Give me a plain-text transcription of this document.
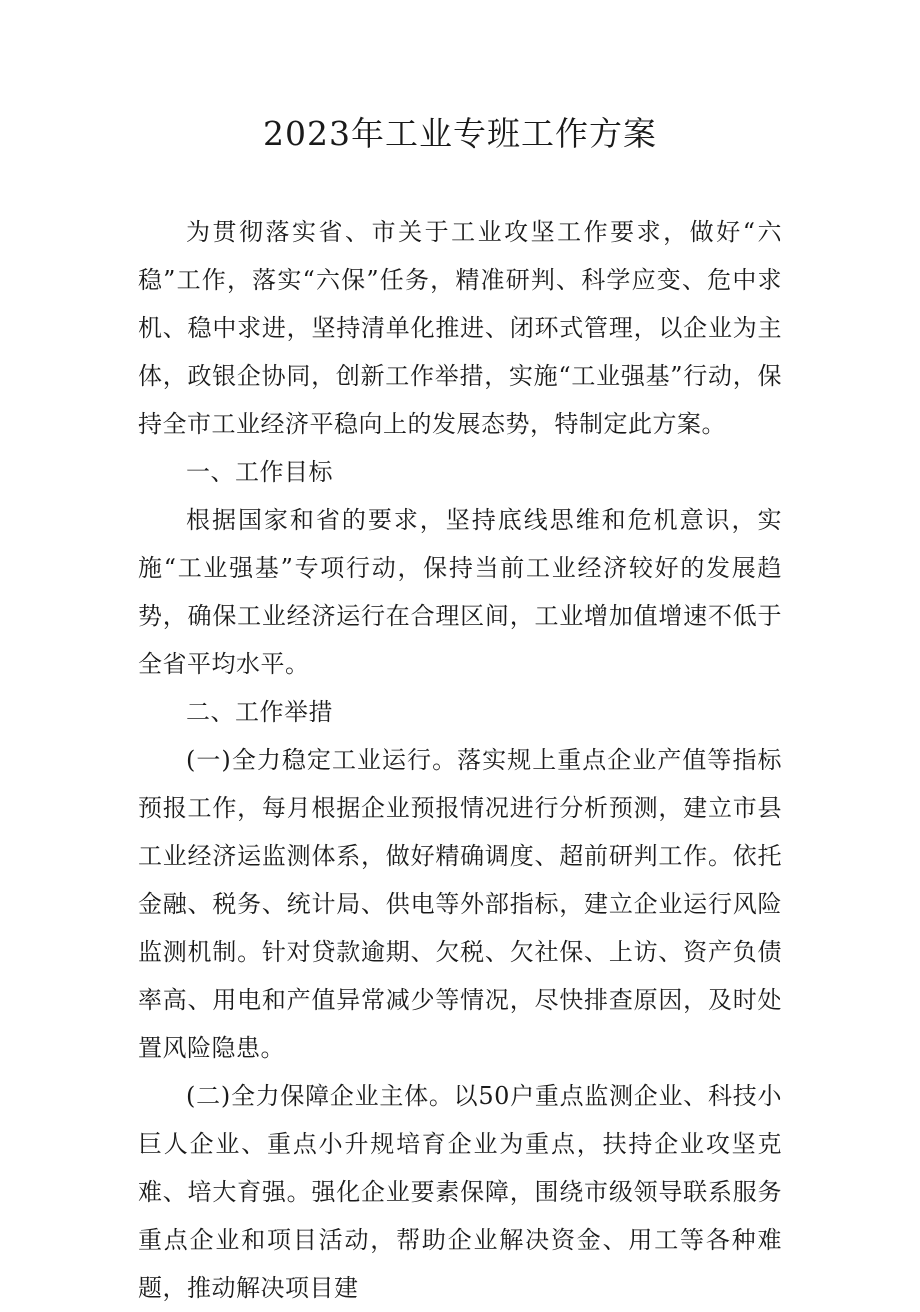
2023年工业专班工作方案

为贯彻落实省、市关于工业攻坚工作要求，做好“六稳”工作，落实“六保”任务，精准研判、科学应变、危中求机、稳中求进，坚持清单化推进、闭环式管理，以企业为主体，政银企协同，创新工作举措，实施“工业强基”行动，保持全市工业经济平稳向上的发展态势，特制定此方案。

一、工作目标

根据国家和省的要求，坚持底线思维和危机意识，实施“工业强基”专项行动，保持当前工业经济较好的发展趋势，确保工业经济运行在合理区间，工业增加值增速不低于全省平均水平。

二、工作举措

(一)全力稳定工业运行。落实规上重点企业产值等指标预报工作，每月根据企业预报情况进行分析预测，建立市县工业经济运监测体系，做好精确调度、超前研判工作。依托金融、税务、统计局、供电等外部指标，建立企业运行风险监测机制。针对贷款逾期、欠税、欠社保、上访、资产负债率高、用电和产值异常减少等情况，尽快排查原因，及时处置风险隐患。

(二)全力保障企业主体。以50户重点监测企业、科技小巨人企业、重点小升规培育企业为重点，扶持企业攻坚克难、培大育强。强化企业要素保障，围绕市级领导联系服务重点企业和项目活动，帮助企业解决资金、用工等各种难题，推动解决项目建
